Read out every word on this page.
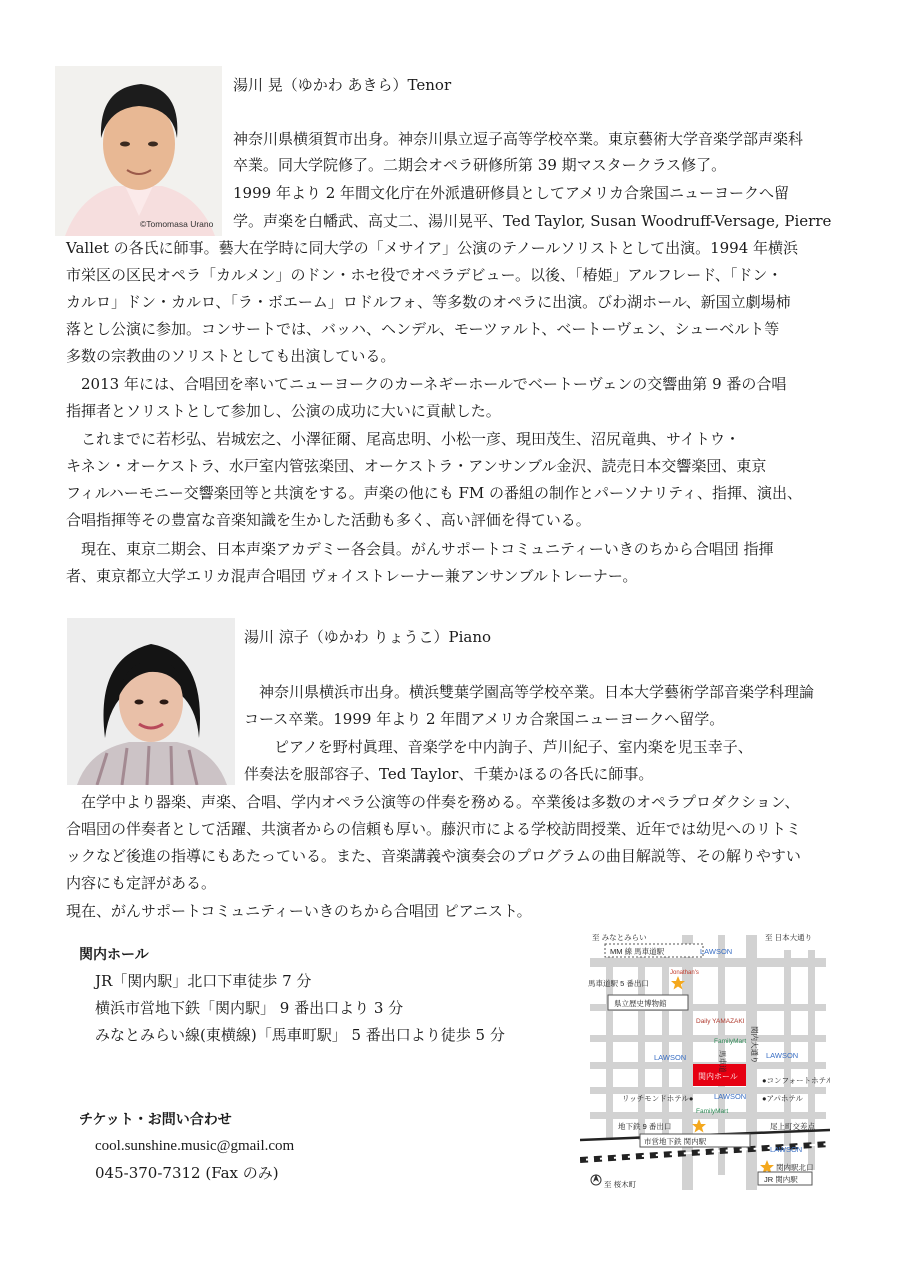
©Tomomasa Urano
湯川 晃（ゆかわ あきら）Tenor
神奈川県横須賀市出身。神奈川県立逗子高等学校卒業。東京藝術大学音楽学部声楽科
卒業。同大学院修了。二期会オペラ研修所第 39 期マスタークラス修了。
1999 年より 2 年間文化庁在外派遣研修員としてアメリカ合衆国ニューヨークへ留
学。声楽を白幡武、高丈二、湯川晃平、Ted Taylor, Susan Woodruff-Versage, Pierre
Vallet の各氏に師事。藝大在学時に同大学の「メサイア」公演のテノールソリストとして出演。1994 年横浜
市栄区の区民オペラ「カルメン」のドン・ホセ役でオペラデビュー。以後、「椿姫」アルフレード、「ドン・
カルロ」ドン・カルロ、「ラ・ボエーム」ロドルフォ、等多数のオペラに出演。びわ湖ホール、新国立劇場柿
落とし公演に参加。コンサートでは、バッハ、ヘンデル、モーツァルト、ベートーヴェン、シューベルト等
多数の宗教曲のソリストとしても出演している。
　2013 年には、合唱団を率いてニューヨークのカーネギーホールでベートーヴェンの交響曲第 9 番の合唱
指揮者とソリストとして参加し、公演の成功に大いに貢献した。
　これまでに若杉弘、岩城宏之、小澤征爾、尾高忠明、小松一彦、現田茂生、沼尻竜典、サイトウ・
キネン・オーケストラ、水戸室内管弦楽団、オーケストラ・アンサンブル金沢、読売日本交響楽団、東京
フィルハーモニー交響楽団等と共演をする。声楽の他にも FM の番組の制作とパーソナリティ、指揮、演出、
合唱指揮等その豊富な音楽知識を生かした活動も多く、高い評価を得ている。
　現在、東京二期会、日本声楽アカデミー各会員。がんサポートコミュニティーいきのちから合唱団 指揮
者、東京都立大学エリカ混声合唱団 ヴォイストレーナー兼アンサンブルトレーナー。
湯川 涼子（ゆかわ りょうこ）Piano
　神奈川県横浜市出身。横浜雙葉学園高等学校卒業。日本大学藝術学部音楽学科理論
コース卒業。1999 年より 2 年間アメリカ合衆国ニューヨークへ留学。
　　ピアノを野村眞理、音楽学を中内詢子、芦川紀子、室内楽を児玉幸子、
伴奏法を服部容子、Ted Taylor、千葉かほるの各氏に師事。
　在学中より器楽、声楽、合唱、学内オペラ公演等の伴奏を務める。卒業後は多数のオペラプロダクション、
合唱団の伴奏者として活躍、共演者からの信頼も厚い。藤沢市による学校訪問授業、近年では幼児へのリトミ
ックなど後進の指導にもあたっている。また、音楽講義や演奏会のプログラムの曲目解説等、その解りやすい
内容にも定評がある。
現在、がんサポートコミュニティーいきのちから合唱団 ピアニスト。
関内ホール
JR「関内駅」北口下車徒歩 7 分
横浜市営地下鉄「関内駅」 9 番出口より 3 分
みなとみらい線(東横線)「馬車町駅」 5 番出口より徒歩 5 分
チケット・お問い合わせ
cool.sunshine.music@gmail.com
045-370-7312 (Fax のみ)
至 みなとみらい	至 日本大通り
MM 線 馬車道駅	LAWSON
Jonathan's
馬車道駅 5 番出口
県立歴史博物館
Daily YAMAZAKI
FamilyMart
LAWSON	LAWSON
関内ホール	●コンフォートホテル
LAWSON ●アパホテル
リッチモンドホテル●
FamilyMart
地下鉄 9 番出口	尾上町交差点
市営地下鉄 関内駅
LAWSON
関内駅北口
JR 関内駅
至 桜木町
馬車道	関内大通り
